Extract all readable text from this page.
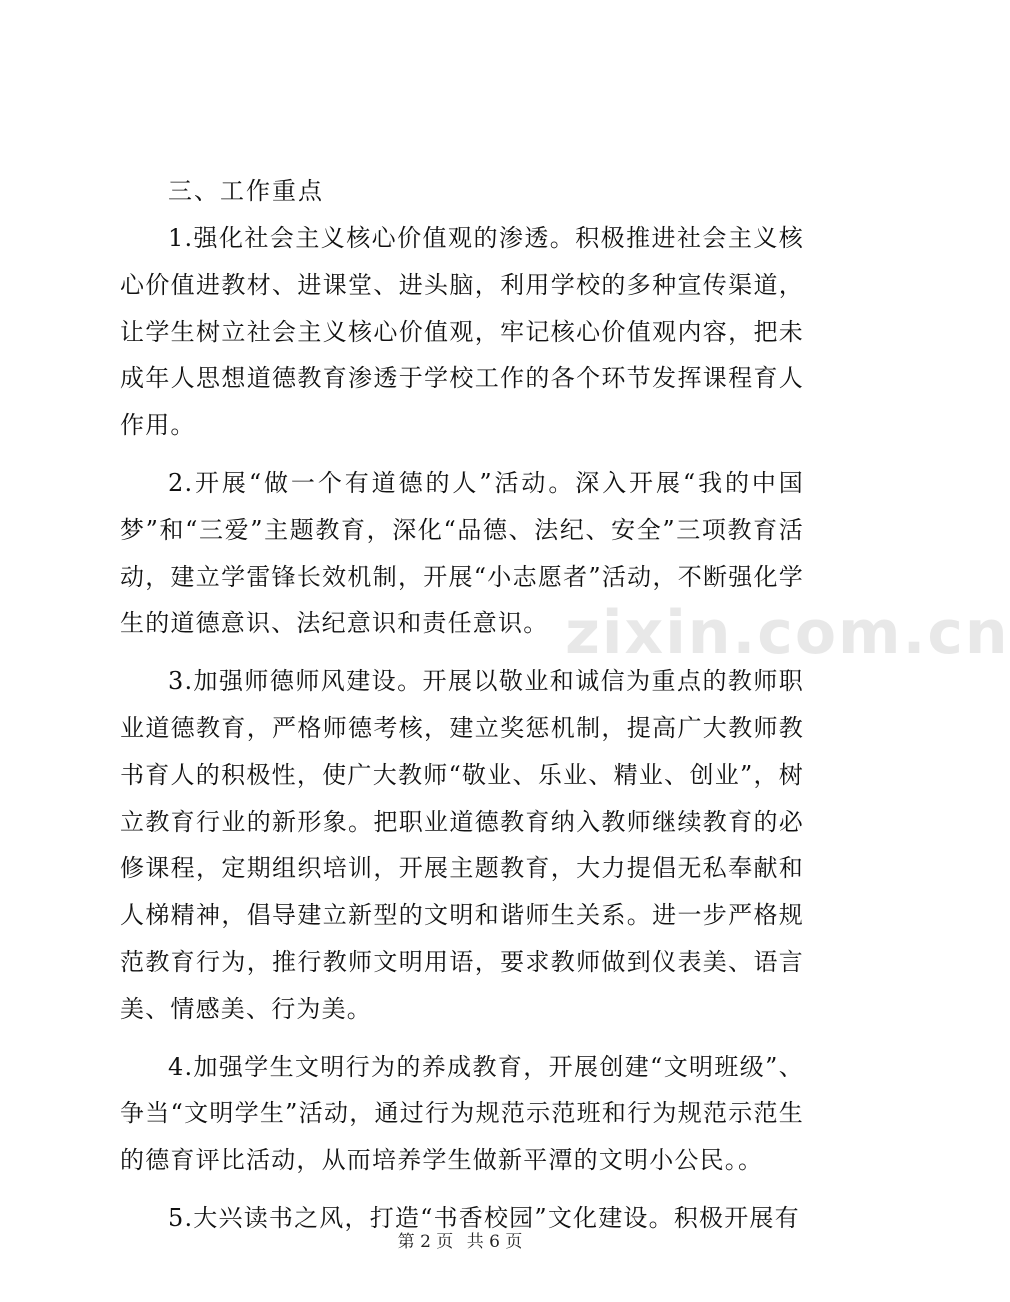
三、工作重点

1.强化社会主义核心价值观的渗透。积极推进社会主义核心价值进教材、进课堂、进头脑，利用学校的多种宣传渠道，让学生树立社会主义核心价值观，牢记核心价值观内容，把未成年人思想道德教育渗透于学校工作的各个环节发挥课程育人作用。

2.开展“做一个有道德的人”活动。深入开展“我的中国梦”和“三爱”主题教育，深化“品德、法纪、安全”三项教育活动，建立学雷锋长效机制，开展“小志愿者”活动，不断强化学生的道德意识、法纪意识和责任意识。

3.加强师德师风建设。开展以敬业和诚信为重点的教师职业道德教育，严格师德考核，建立奖惩机制，提高广大教师教书育人的积极性，使广大教师“敬业、乐业、精业、创业”，树立教育行业的新形象。把职业道德教育纳入教师继续教育的必修课程，定期组织培训，开展主题教育，大力提倡无私奉献和人梯精神，倡导建立新型的文明和谐师生关系。进一步严格规范教育行为，推行教师文明用语，要求教师做到仪表美、语言美、情感美、行为美。

4.加强学生文明行为的养成教育，开展创建“文明班级”、争当“文明学生”活动，通过行为规范示范班和行为规范示范生的德育评比活动，从而培养学生做新平潭的文明小公民。。

5.大兴读书之风，打造“书香校园”文化建设。积极开展有

zixin.com.cn
第 2 页 共 6 页
